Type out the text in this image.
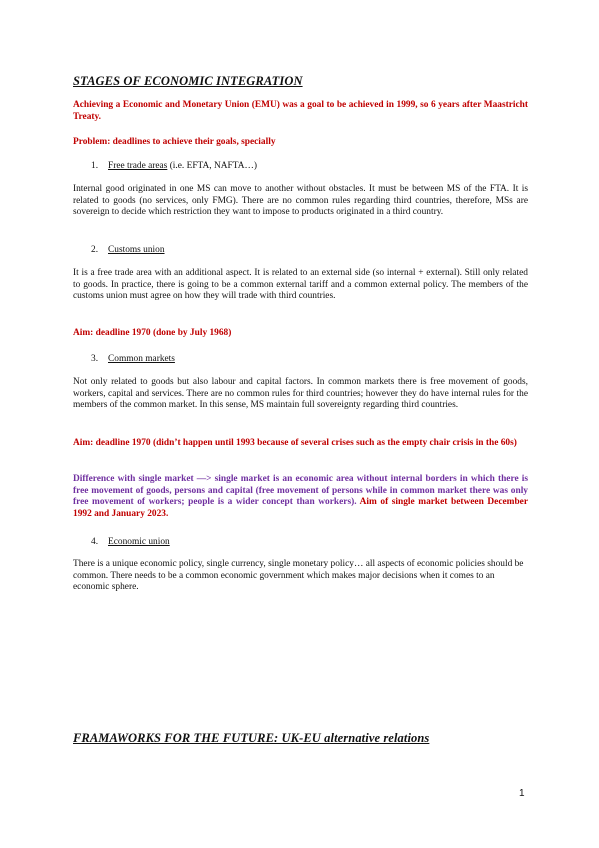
STAGES OF ECONOMIC INTEGRATION
Achieving a Economic and Monetary Union (EMU) was a goal to be achieved in 1999, so 6 years after Maastricht Treaty.
Problem: deadlines to achieve their goals, specially
1. Free trade areas (i.e. EFTA, NAFTA…)
Internal good originated in one MS can move to another without obstacles. It must be between MS of the FTA. It is related to goods (no services, only FMG). There are no common rules regarding third countries, therefore, MSs are sovereign to decide which restriction they want to impose to products originated in a third country.
2. Customs union
It is a free trade area with an additional aspect. It is related to an external side (so internal + external). Still only related to goods. In practice, there is going to be a common external tariff and a common external policy. The members of the customs union must agree on how they will trade with third countries.
Aim: deadline 1970 (done by July 1968)
3. Common markets
Not only related to goods but also labour and capital factors. In common markets there is free movement of goods, workers, capital and services. There are no common rules for third countries; however they do have internal rules for the members of the common market. In this sense, MS maintain full sovereignty regarding third countries.
Aim: deadline 1970 (didn’t happen until 1993 because of several crises such as the empty chair crisis in the 60s)
Difference with single market —> single market is an economic area without internal borders in which there is free movement of goods, persons and capital (free movement of persons while in common market there was only free movement of workers; people is a wider concept than workers). Aim of single market between December 1992 and January 2023.
4. Economic union
There is a unique economic policy, single currency, single monetary policy… all aspects of economic policies should be common. There needs to be a common economic government which makes major decisions when it comes to an economic sphere.
FRAMAWORKS FOR THE FUTURE: UK-EU alternative relations
1
